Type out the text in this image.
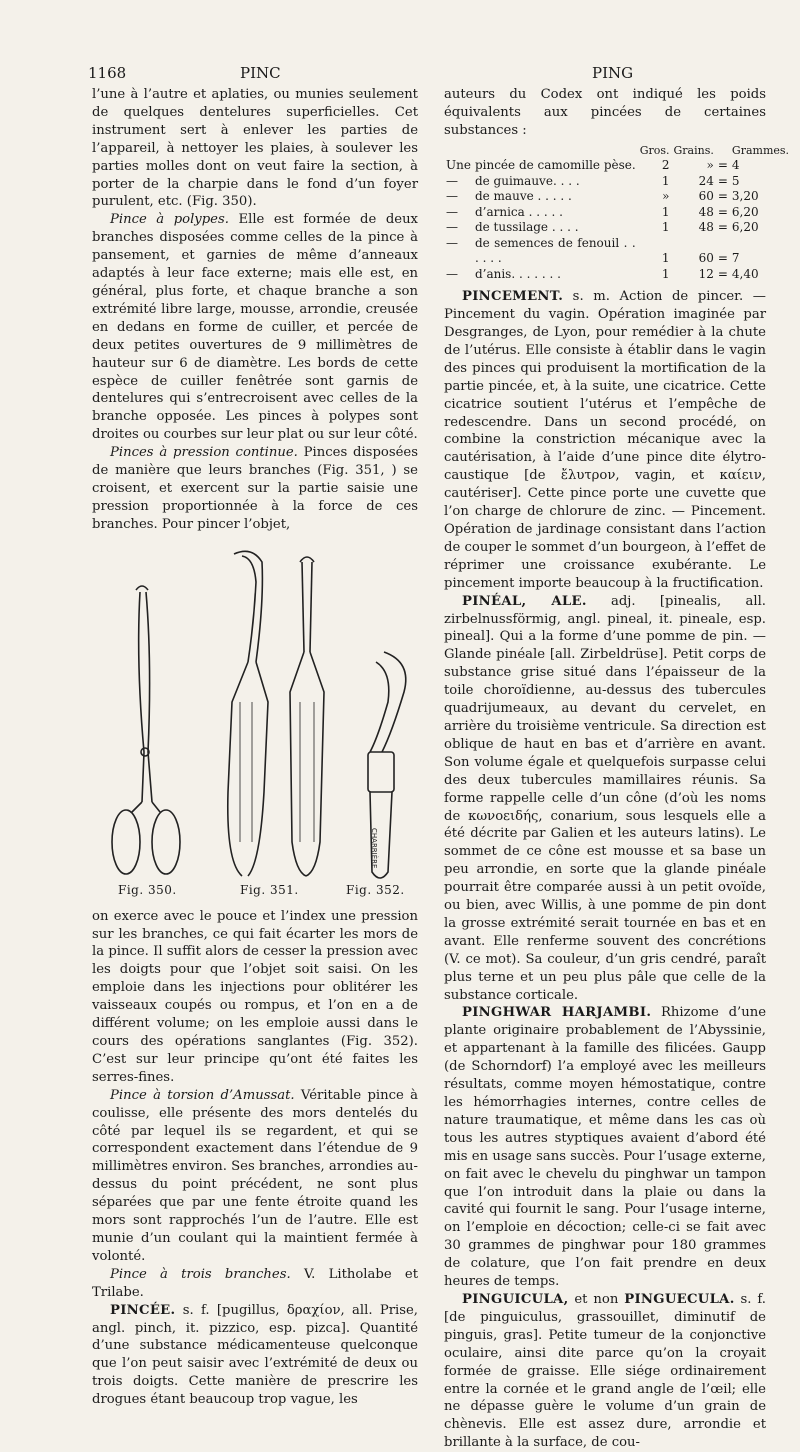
1168	PINC	PING

l’une à l’autre et aplaties, ou munies seulement de quelques dentelures superficielles. Cet instrument sert à enlever les parties de l’appareil, à nettoyer les plaies, à soulever les parties molles dont on veut faire la section, à porter de la charpie dans le fond d’un foyer purulent, etc. (Fig. 350).

Pince à polypes. Elle est formée de deux branches disposées comme celles de la pince à pansement, et garnies de même d’anneaux adaptés à leur face externe; mais elle est, en général, plus forte, et chaque branche a son extrémité libre large, mousse, arrondie, creusée en dedans en forme de cuiller, et percée de deux petites ouvertures de 9 millimètres de hauteur sur 6 de diamètre. Les bords de cette espèce de cuiller fenêtrée sont garnis de dentelures qui s’entrecroisent avec celles de la branche opposée. Les pinces à polypes sont droites ou courbes sur leur plat ou sur leur côté.

Pinces à pression continue. Pinces disposées de manière que leurs branches (Fig. 351, ) se croisent, et exercent sur la partie saisie une pression proportionnée à la force de ces branches. Pour pincer l’objet,

CHARRIÈRE
Fig. 350.	Fig. 351.	Fig. 352.

on exerce avec le pouce et l’index une pression sur les branches, ce qui fait écarter les mors de la pince. Il suffit alors de cesser la pression avec les doigts pour que l’objet soit saisi. On les emploie dans les injections pour oblitérer les vaisseaux coupés ou rompus, et l’on en a de différent volume; on les emploie aussi dans le cours des opérations sanglantes (Fig. 352). C’est sur leur principe qu’ont été faites les serres-fines.

Pince à torsion d’Amussat. Véritable pince à coulisse, elle présente des mors dentelés du côté par lequel ils se regardent, et qui se correspondent exactement dans l’étendue de 9 millimètres environ. Ses branches, arrondies au-dessus du point précédent, ne sont plus séparées que par une fente étroite quand les mors sont rapprochés l’un de l’autre. Elle est munie d’un coulant qui la maintient fermée à volonté.

Pince à trois branches. V. Litholabe et Trilabe.

PINCÉE. s. f. [pugillus, δραχίον, all. Prise, angl. pinch, it. pizzico, esp. pizca]. Quantité d’une substance médicamenteuse quelconque que l’on peut saisir avec l’extrémité de deux ou trois doigts. Cette manière de prescrire les drogues étant beaucoup trop vague, les

auteurs du Codex ont indiqué les poids équivalents aux pincées de certaines substances :

		Gros.	Grains.		Grammes.
Une	pincée de camomille pèse.	2	»	=	4
—	de guimauve. . . .	1	24	=	5
—	de mauve . . . . .	»	60	=	3,20
—	d’arnica . . . . .	1	48	=	6,20
—	de tussilage . . . .	1	48	=	6,20
—	de semences de fenouil . . . . . .	1	60	=	7
—	d’anis. . . . . . .	1	12	=	4,40

PINCEMENT. s. m. Action de pincer. — Pincement du vagin. Opération imaginée par Desgranges, de Lyon, pour remédier à la chute de l’utérus. Elle consiste à établir dans le vagin des pinces qui produisent la mortification de la partie pincée, et, à la suite, une cicatrice. Cette cicatrice soutient l’utérus et l’empêche de redescendre. Dans un second procédé, on combine la constriction mécanique avec la cautérisation, à l’aide d’une pince dite élytro-caustique [de ἔλυτρον, vagin, et καίειν, cautériser]. Cette pince porte une cuvette que l’on charge de chlorure de zinc. — Pincement. Opération de jardinage consistant dans l’action de couper le sommet d’un bourgeon, à l’effet de réprimer une croissance exubérante. Le pincement importe beaucoup à la fructification.

PINÉAL, ALE. adj. [pinealis, all. zirbelnussförmig, angl. pineal, it. pineale, esp. pineal]. Qui a la forme d’une pomme de pin. — Glande pinéale [all. Zirbeldrüse]. Petit corps de substance grise situé dans l’épaisseur de la toile choroïdienne, au-dessus des tubercules quadrijumeaux, au devant du cervelet, en arrière du troisième ventricule. Sa direction est oblique de haut en bas et d’arrière en avant. Son volume égale et quelquefois surpasse celui des deux tubercules mamillaires réunis. Sa forme rappelle celle d’un cône (d’où les noms de κωνοειδής, conarium, sous lesquels elle a été décrite par Galien et les auteurs latins). Le sommet de ce cône est mousse et sa base un peu arrondie, en sorte que la glande pinéale pourrait être comparée aussi à un petit ovoïde, ou bien, avec Willis, à une pomme de pin dont la grosse extrémité serait tournée en bas et en avant. Elle renferme souvent des concrétions (V. ce mot). Sa couleur, d’un gris cendré, paraît plus terne et un peu plus pâle que celle de la substance corticale.

PINGHWAR HARJAMBI. Rhizome d’une plante originaire probablement de l’Abyssinie, et appartenant à la famille des filicées. Gaupp (de Schorndorf) l’a employé avec les meilleurs résultats, comme moyen hémostatique, contre les hémorrhagies internes, contre celles de nature traumatique, et même dans les cas où tous les autres styptiques avaient d’abord été mis en usage sans succès. Pour l’usage externe, on fait avec le chevelu du pinghwar un tampon que l’on introduit dans la plaie ou dans la cavité qui fournit le sang. Pour l’usage interne, on l’emploie en décoction; celle-ci se fait avec 30 grammes de pinghwar pour 180 grammes de colature, que l’on fait prendre en deux heures de temps.

PINGUICULA, et non PINGUECULA. s. f. [de pinguiculus, grassouillet, diminutif de pinguis, gras]. Petite tumeur de la conjonctive oculaire, ainsi dite parce qu’on la croyait formée de graisse. Elle siége ordinairement entre la cornée et le grand angle de l’œil; elle ne dépasse guère le volume d’un grain de chènevis. Elle est assez dure, arrondie et brillante à la surface, de cou-
